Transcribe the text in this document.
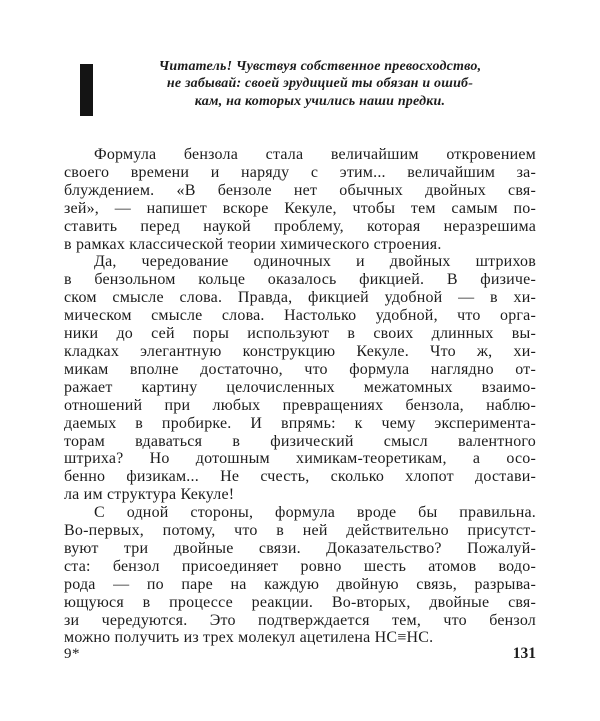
Читатель! Чувствуя собственное превосходство,
не забывай: своей эрудицией ты обязан и ошиб-
кам, на которых учились наши предки.
Формула бензола стала величайшим откровением
своего времени и наряду с этим... величайшим за-
блуждением. «В бензоле нет обычных двойных свя-
зей», — напишет вскоре Кекуле, чтобы тем самым по-
ставить перед наукой проблему, которая неразрешима
в рамках классической теории химического строения.
Да, чередование одиночных и двойных штрихов
в бензольном кольце оказалось фикцией. В физиче-
ском смысле слова. Правда, фикцией удобной — в хи-
мическом смысле слова. Настолько удобной, что орга-
ники до сей поры используют в своих длинных вы-
кладках элегантную конструкцию Кекуле. Что ж, хи-
микам вполне достаточно, что формула наглядно от-
ражает картину целочисленных межатомных взаимо-
отношений при любых превращениях бензола, наблю-
даемых в пробирке. И впрямь: к чему эксперимента-
торам вдаваться в физический смысл валентного
штриха? Но дотошным химикам-теоретикам, а осо-
бенно физикам... Не счесть, сколько хлопот достави-
ла им структура Кекуле!
С одной стороны, формула вроде бы правильна.
Во-первых, потому, что в ней действительно присутст-
вуют три двойные связи. Доказательство? Пожалуй-
ста: бензол присоединяет ровно шесть атомов водо-
рода — по паре на каждую двойную связь, разрыва-
ющуюся в процессе реакции. Во-вторых, двойные свя-
зи чередуются. Это подтверждается тем, что бензол
можно получить из трех молекул ацетилена HC≡HC.
9*	131
